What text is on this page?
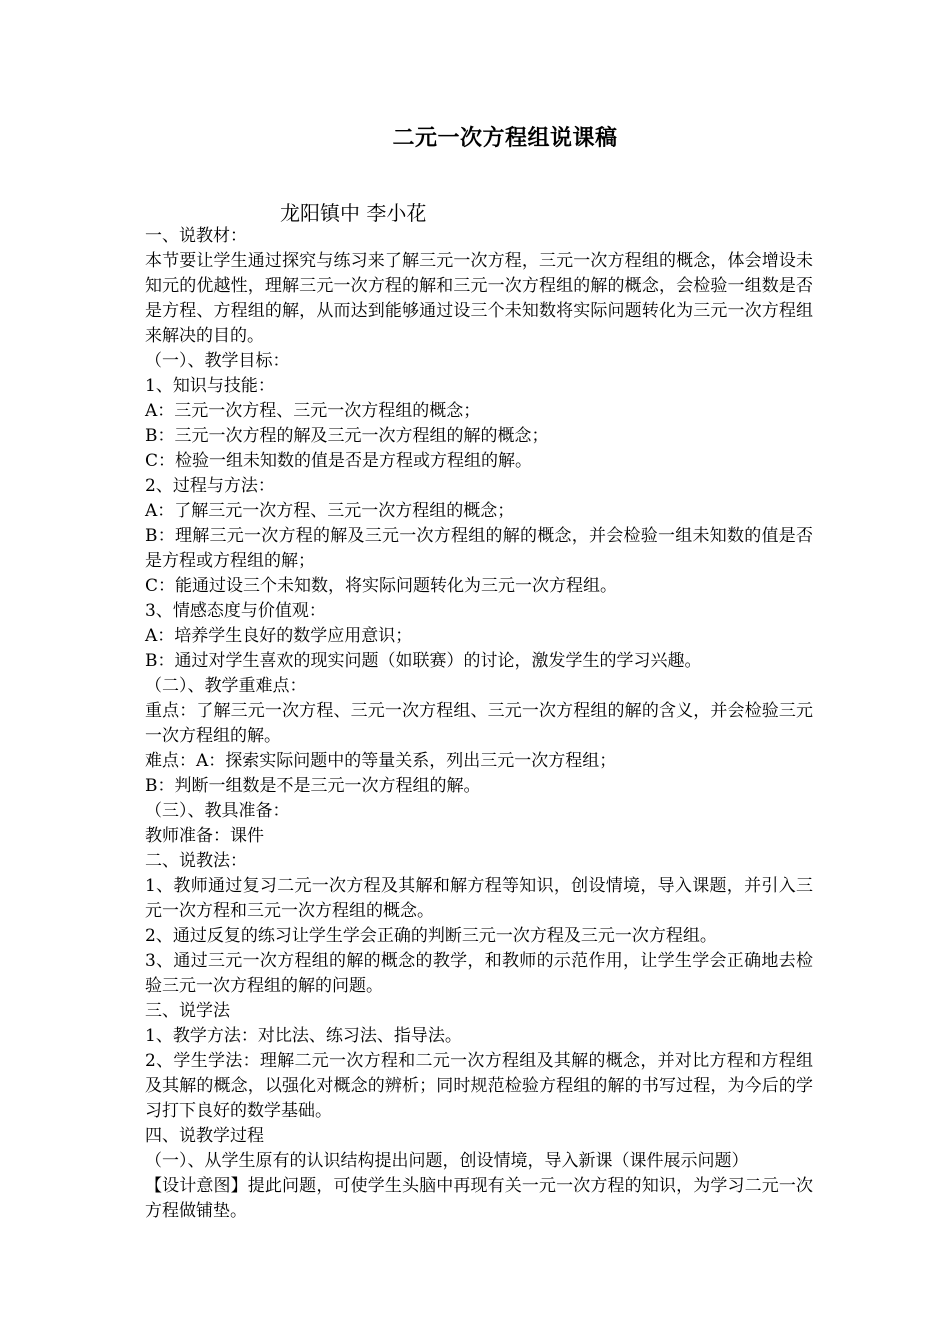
二元一次方程组说课稿
龙阳镇中 李小花

一、说教材：

本节要让学生通过探究与练习来了解三元一次方程，三元一次方程组的概念，体会增设未知元的优越性，理解三元一次方程的解和三元一次方程组的解的概念，会检验一组数是否是方程、方程组的解，从而达到能够通过设三个未知数将实际问题转化为三元一次方程组来解决的目的。

（一）、教学目标：

1、知识与技能：

A：三元一次方程、三元一次方程组的概念；

B：三元一次方程的解及三元一次方程组的解的概念；

C：检验一组未知数的值是否是方程或方程组的解。

2、过程与方法：

A：了解三元一次方程、三元一次方程组的概念；

B：理解三元一次方程的解及三元一次方程组的解的概念，并会检验一组未知数的值是否是方程或方程组的解；

C：能通过设三个未知数，将实际问题转化为三元一次方程组。

3、情感态度与价值观：

A：培养学生良好的数学应用意识；

B：通过对学生喜欢的现实问题（如联赛）的讨论，激发学生的学习兴趣。

（二）、教学重难点：

重点：了解三元一次方程、三元一次方程组、三元一次方程组的解的含义，并会检验三元一次方程组的解。

难点：A：探索实际问题中的等量关系，列出三元一次方程组；

B：判断一组数是不是三元一次方程组的解。

（三）、教具准备：

教师准备：课件

二、说教法：

1、教师通过复习二元一次方程及其解和解方程等知识，创设情境，导入课题，并引入三元一次方程和三元一次方程组的概念。

2、通过反复的练习让学生学会正确的判断三元一次方程及三元一次方程组。

3、通过三元一次方程组的解的概念的教学，和教师的示范作用，让学生学会正确地去检验三元一次方程组的解的问题。

三、说学法

1、教学方法：对比法、练习法、指导法。

2、学生学法：理解二元一次方程和二元一次方程组及其解的概念，并对比方程和方程组及其解的概念，以强化对概念的辨析；同时规范检验方程组的解的书写过程，为今后的学习打下良好的数学基础。

四、说教学过程

（一）、从学生原有的认识结构提出问题，创设情境，导入新课（课件展示问题）

【设计意图】提此问题，可使学生头脑中再现有关一元一次方程的知识，为学习二元一次方程做铺垫。
